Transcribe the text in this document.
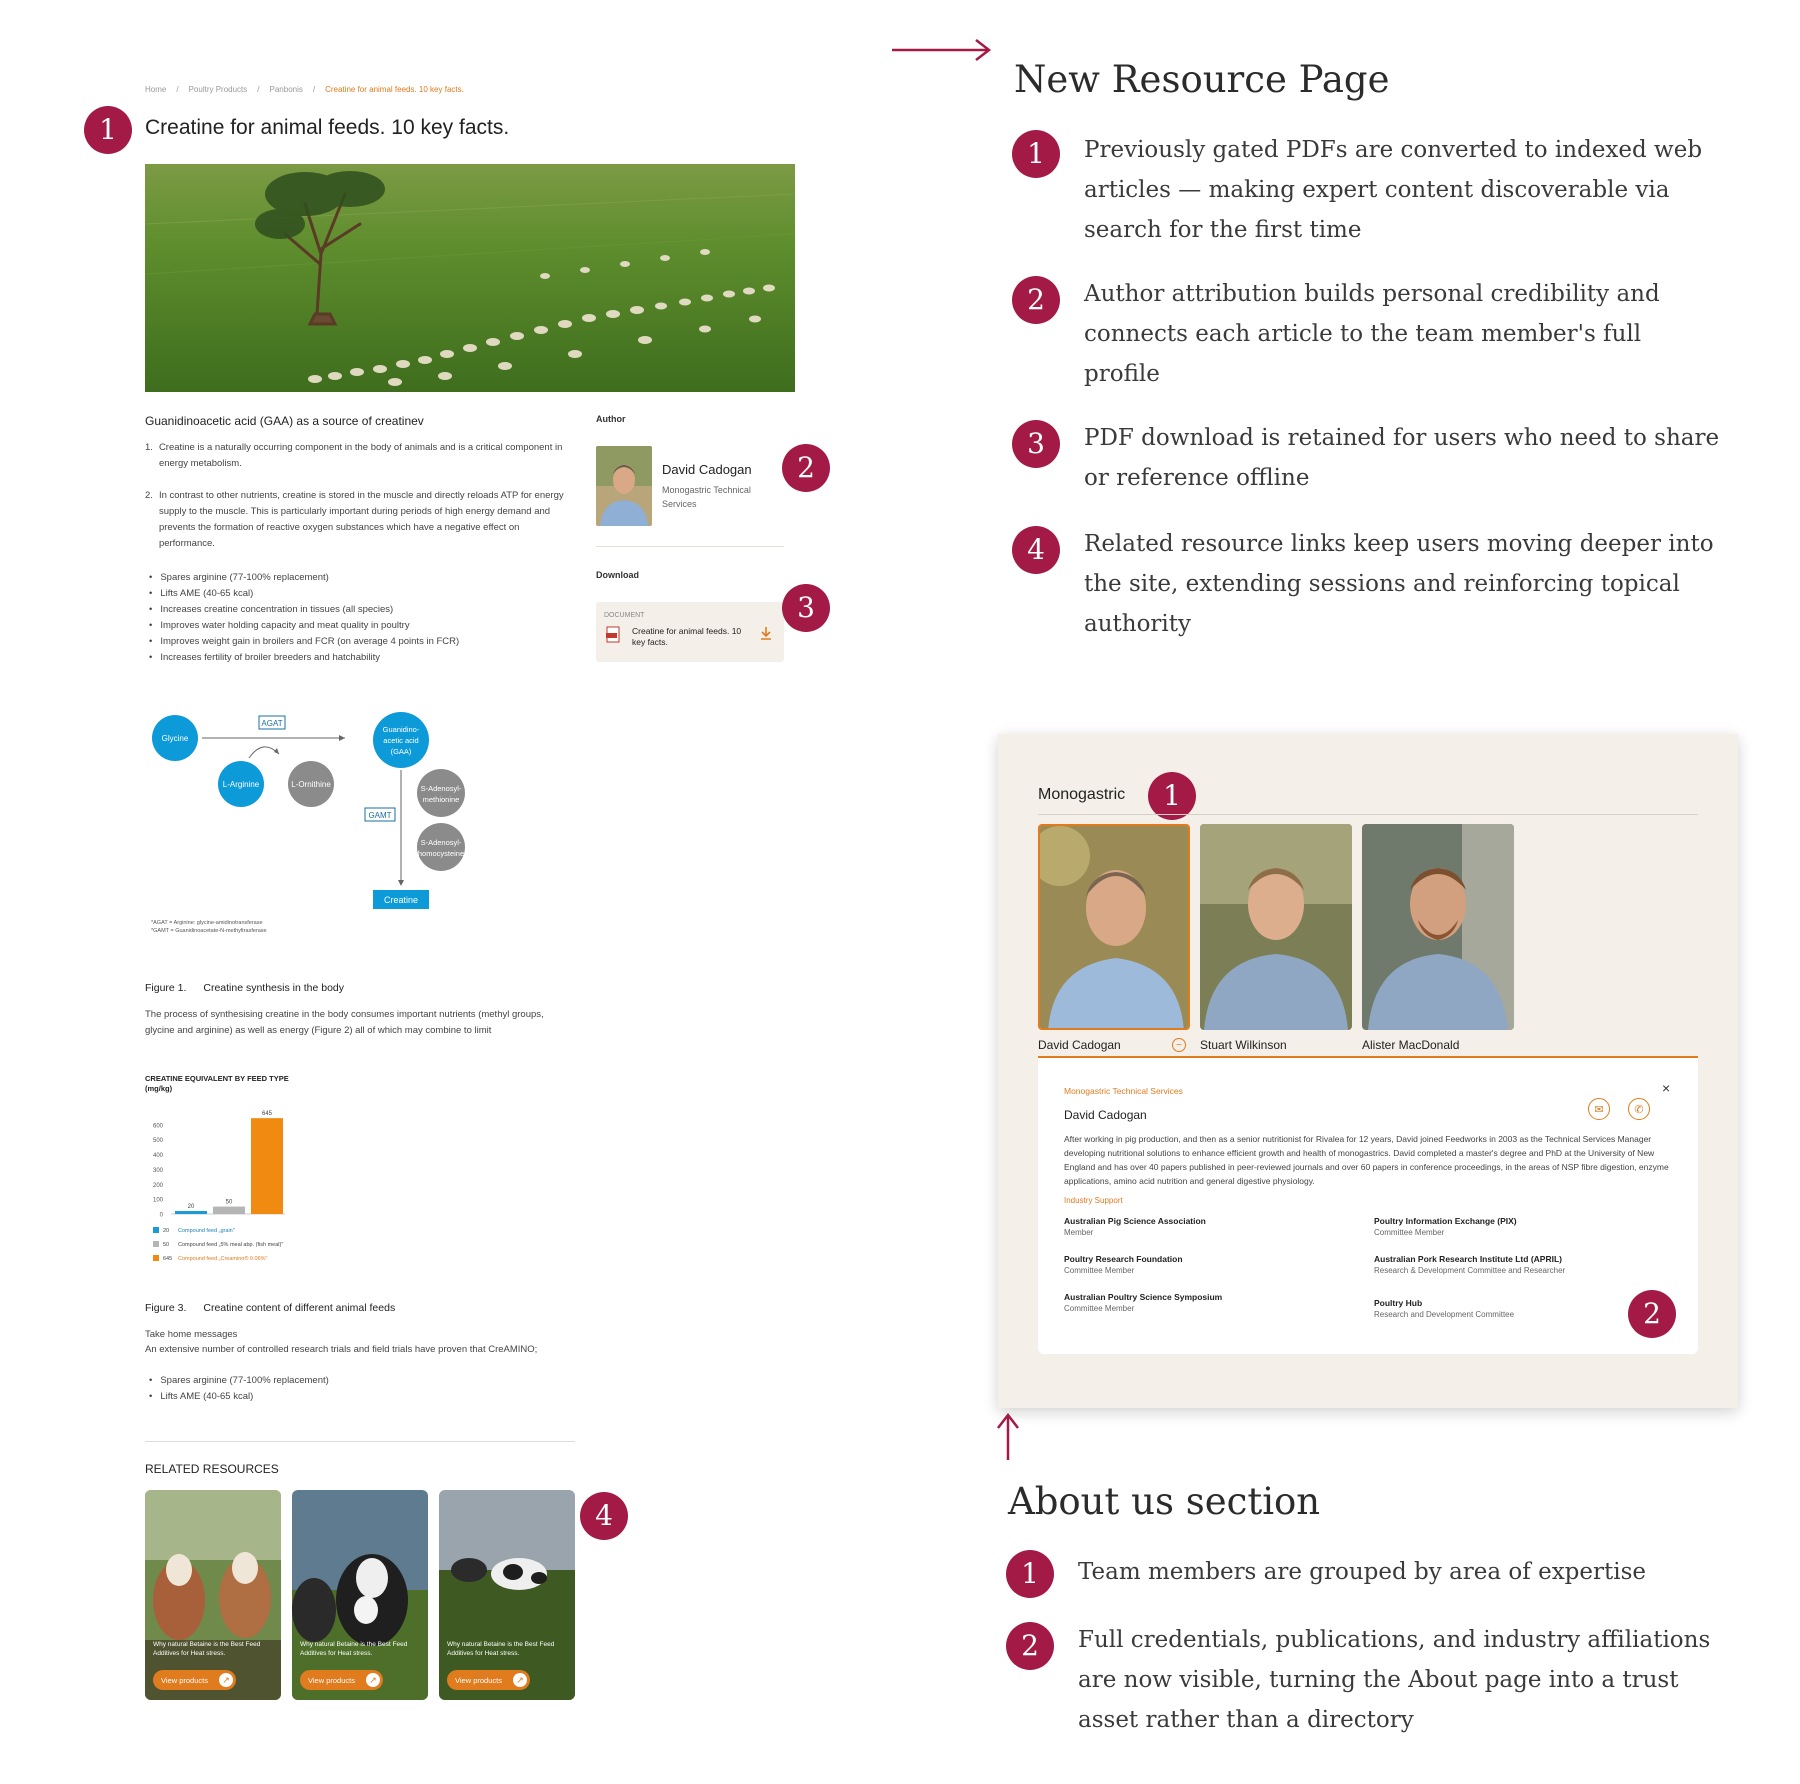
Home / Poultry Products / Panbonis / Creatine for animal feeds. 10 key facts.
1	Creatine for animal feeds. 10 key facts.
Guanidinoacetic acid (GAA) as a source of creatinev
1. Creatine is a naturally occurring component in the body of animals and is a critical component in energy metabolism.
2. In contrast to other nutrients, creatine is stored in the muscle and directly reloads ATP for energy supply to the muscle. This is particularly important during periods of high energy demand and prevents the formation of reactive oxygen substances which have a negative effect on performance.
• Spares arginine (77-100% replacement)
• Lifts AME (40-65 kcal)
• Increases creatine concentration in tissues (all species)
• Improves water holding capacity and meat quality in poultry
• Improves weight gain in broilers and FCR (on average 4 points in FCR)
• Increases fertility of broiler breeders and hatchability
Author
David Cadogan
Monogastric Technical Services
2
Download
DOCUMENT
Creatine for animal feeds. 10 key facts.
3
Glycine
AGAT
L-Arginine	L-Ornithine
Guanidino-
acetic acid
(GAA)
GAMT
S-Adenosyl-
methionine
S-Adenosyl-
homocysteine
Creatine
*AGAT = Arginine: glycine-amidinotransferase
*GAMT = Guanidinoacetate-N-methyltrasferase
Figure 1. Creatine synthesis in the body
The process of synthesising creatine in the body consumes important nutrients (methyl groups, glycine and arginine) as well as energy (Figure 2) all of which may combine to limit
CREATINE EQUIVALENT BY FEED TYPE
(mg/kg)
0
100
200
300
400
500
600
20
50
645
20 Compound feed „grain"
50 Compound feed „5% meal abp. (fish meal)"
645 Compound feed „Creamino® 0.06%"
Figure 3. Creatine content of different animal feeds
Take home messages
An extensive number of controlled research trials and field trials have proven that CreAMINO;
• Spares arginine (77-100% replacement)
• Lifts AME (40-65 kcal)
RELATED RESOURCES
Why natural Betaine is the Best Feed Additives for Heat stress.
View products	↗
Why natural Betaine is the Best Feed Additives for Heat stress.
View products	↗
Why natural Betaine is the Best Feed Additives for Heat stress.
View products	↗
4
New Resource Page
1	Previously gated PDFs are converted to indexed web articles — making expert content discoverable via search for the first time
2	Author attribution builds personal credibility and connects each article to the team member's full profile
3	PDF download is retained for users who need to share or reference offline
4	Related resource links keep users moving deeper into the site, extending sessions and reinforcing topical authority
Monogastric	1
David Cadogan	−	Stuart Wilkinson	Alister MacDonald
Monogastric Technical Services	×
David Cadogan	✉	✆
After working in pig production, and then as a senior nutritionist for Rivalea for 12 years, David joined Feedworks in 2003 as the Technical Services Manager developing nutritional solutions to enhance efficient growth and health of monogastrics. David completed a master's degree and PhD at the University of New England and has over 40 papers published in peer-reviewed journals and over 60 papers in conference proceedings, in the areas of NSP fibre digestion, enzyme applications, amino acid nutrition and general digestive physiology.
Industry Support
Australian Pig Science Association
Member
Poultry Information Exchange (PIX)
Committee Member
Poultry Research Foundation
Committee Member
Australian Pork Research Institute Ltd (APRIL)
Research & Development Committee and Researcher
Australian Poultry Science Symposium
Committee Member
Poultry Hub
Research and Development Committee	2
About us section
1	Team members are grouped by area of expertise
2	Full credentials, publications, and industry affiliations are now visible, turning the About page into a trust asset rather than a directory
